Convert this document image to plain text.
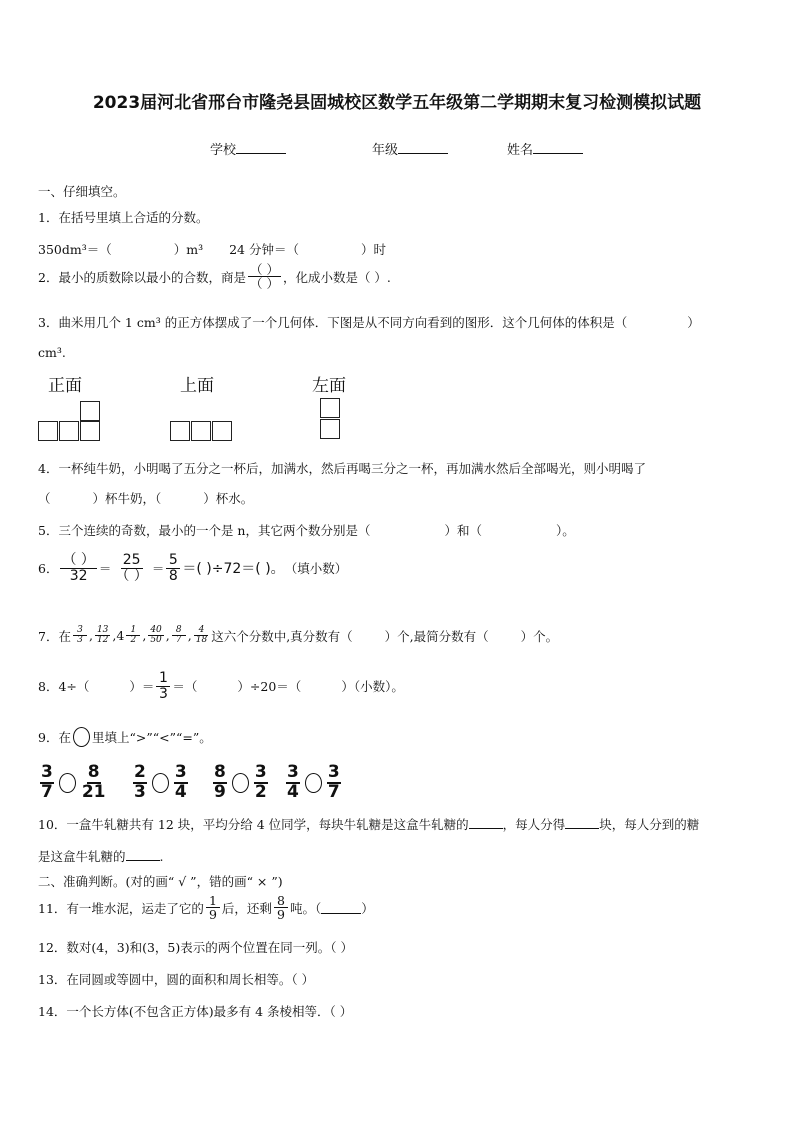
2023届河北省邢台市隆尧县固城校区数学五年级第二学期期末复习检测模拟试题
学校	年级	姓名
一、仔细填空。
1．在括号里填上合适的分数。
350dm³＝（	）m³ 24 分钟＝（	）时
2．最小的质数除以最小的合数，商是 $\frac{( )}{( )}$ ，化成小数是（ ）.
3．曲米用几个 1 cm³ 的正方体摆成了一个几何体．下图是从不同方向看到的图形．这个几何体的体积是（	）
cm³.
正面	上面	左面
4．一杯纯牛奶，小明喝了五分之一杯后，加满水，然后再喝三分之一杯，再加满水然后全部喝光，则小明喝了
（	）杯牛奶，（	）杯水。
5．三个连续的奇数，最小的一个是 n，其它两个数分别是（	）和（	）。
6． $\frac{( )}{32} = \frac{25}{( )} = \frac{5}{8}$ ＝( )÷72＝( )。 （填小数）
7．在 $\frac{3}{3}$ , $\frac{13}{12}$ , $4 \frac{1}{2}$ , $\frac{40}{50}$ , $\frac{8}{7}$ , $\frac{4}{18}$ 这六个分数中,真分数有（	）个,最简分数有（	）个。
8．4÷（	）＝ $\frac{1}{3}$ ＝（	）÷20＝（	）（小数）。
9．在 里填上“>”“<”“=”。
$\frac{3}{7} \frac{8}{21} \frac{2}{3} \frac{3}{4} \frac{8}{9} \frac{3}{2} \frac{3}{4} \frac{3}{7}$
10．一盒牛轧糖共有 12 块，平均分给 4 位同学，每块牛轧糖是这盒牛轧糖的	，每人分得	块，每人分到的糖
是这盒牛轧糖的	.
二、准确判断。(对的画“ √ ”，错的画“ × ”)
11．有一堆水泥，运走了它的 $\frac{1}{9}$ 后，还剩 $\frac{8}{9}$ 吨。（	）
12．数对(4，3)和(3，5)表示的两个位置在同一列。（ ）
13．在同圆或等圆中，圆的面积和周长相等。（ ）
14．一个长方体(不包含正方体)最多有 4 条棱相等．（ ）
